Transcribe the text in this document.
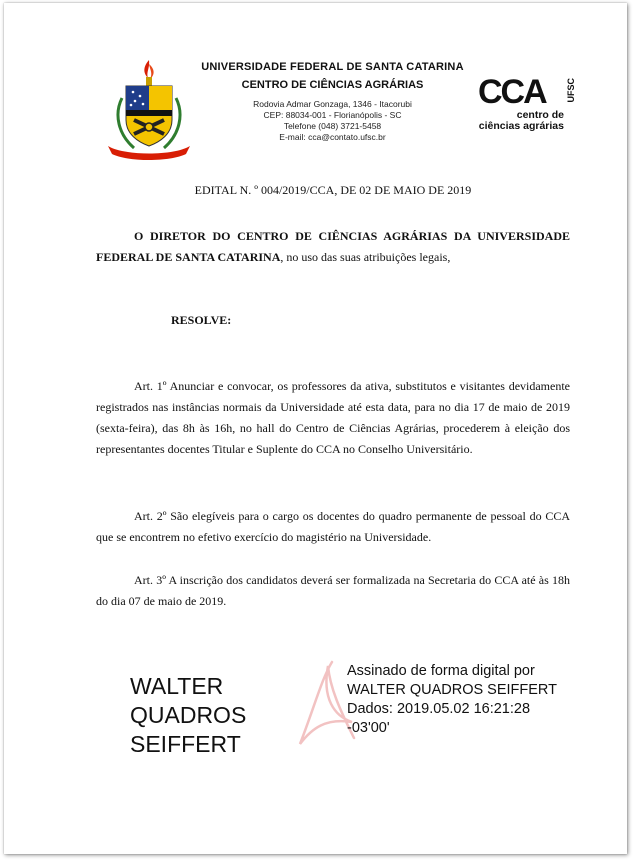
UNIVERSIDADE FEDERAL DE SANTA CATARINA
CENTRO DE CIÊNCIAS AGRÁRIAS
Rodovia Admar Gonzaga, 1346 - Itacorubi
CEP: 88034-001 - Florianópolis - SC
Telefone (048) 3721-5458
E-mail: cca@contato.ufsc.br
CCA UFSC
centro de
ciências agrárias
EDITAL N. º 004/2019/CCA, DE 02 DE MAIO DE 2019
O DIRETOR DO CENTRO DE CIÊNCIAS AGRÁRIAS DA UNIVERSIDADE FEDERAL DE SANTA CATARINA, no uso das suas atribuições legais,
RESOLVE:
Art. 1º Anunciar e convocar, os professores da ativa, substitutos e visitantes devidamente registrados nas instâncias normais da Universidade até esta data, para no dia 17 de maio de 2019 (sexta-feira), das 8h às 16h, no hall do Centro de Ciências Agrárias, procederem à eleição dos representantes docentes Titular e Suplente do CCA no Conselho Universitário.
Art. 2º São elegíveis para o cargo os docentes do quadro permanente de pessoal do CCA que se encontrem no efetivo exercício do magistério na Universidade.
Art. 3º A inscrição dos candidatos deverá ser formalizada na Secretaria do CCA até às 18h do dia 07 de maio de 2019.
WALTER QUADROS
SEIFFERT
Assinado de forma digital por
WALTER QUADROS SEIFFERT
Dados: 2019.05.02 16:21:28
-03'00'
